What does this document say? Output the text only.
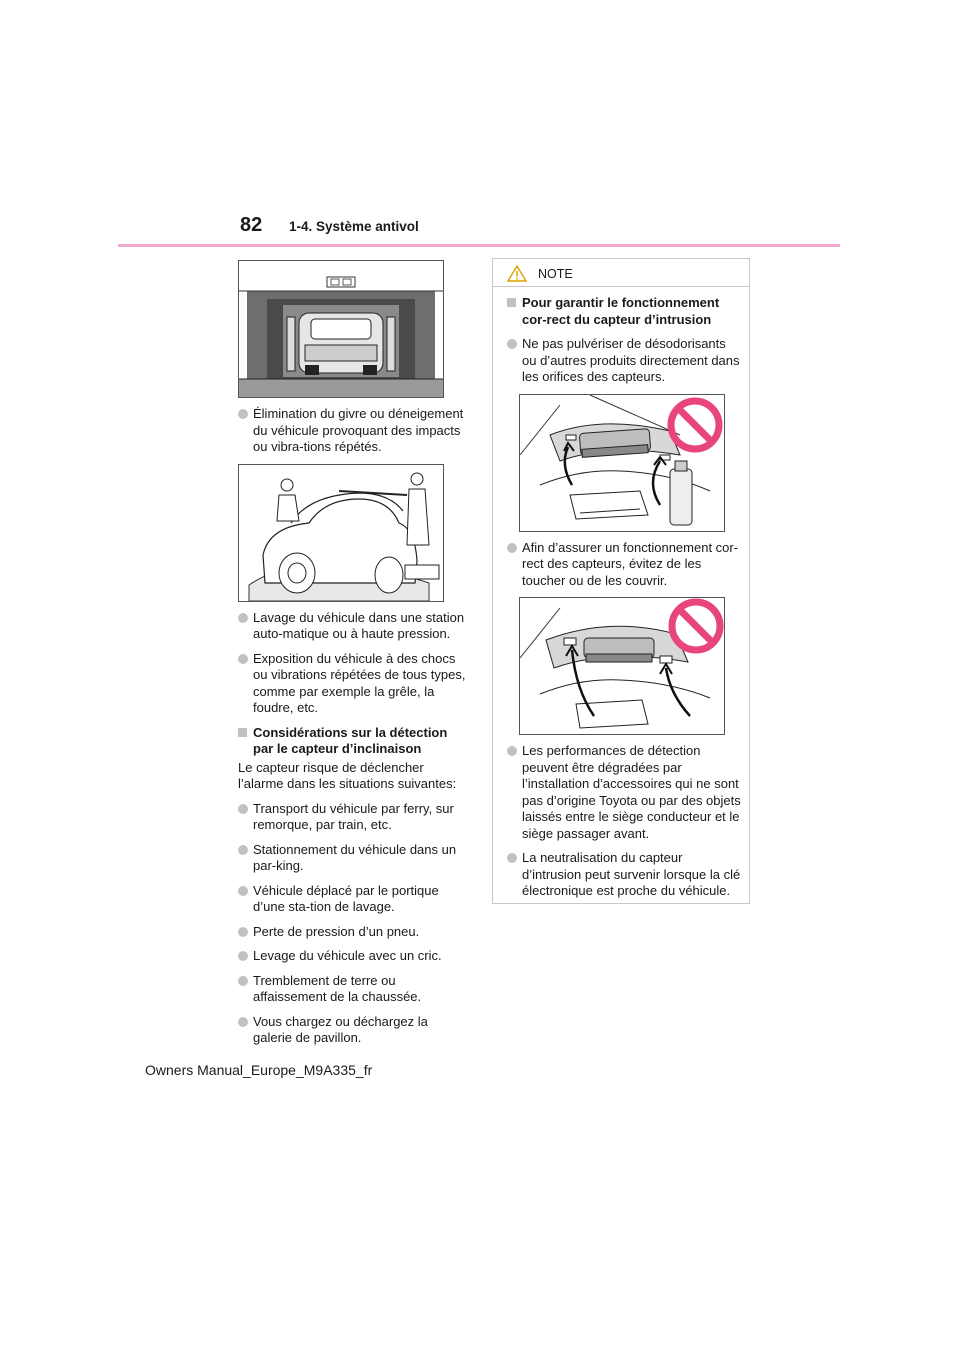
82 1-4. Système antivol
Élimination du givre ou déneigement du véhicule provoquant des impacts ou vibra-tions répétés.
Lavage du véhicule dans une station auto-matique ou à haute pression.
Exposition du véhicule à des chocs ou vibrations répétées de tous types, comme par exemple la grêle, la foudre, etc.
Considérations sur la détection par le capteur d’inclinaison
Le capteur risque de déclencher l’alarme dans les situations suivantes:
Transport du véhicule par ferry, sur remorque, par train, etc.
Stationnement du véhicule dans un par-king.
Véhicule déplacé par le portique d’une sta-tion de lavage.
Perte de pression d’un pneu.
Levage du véhicule avec un cric.
Tremblement de terre ou affaissement de la chaussée.
Vous chargez ou déchargez la galerie de pavillon.
NOTE
Pour garantir le fonctionnement cor-rect du capteur d’intrusion
Ne pas pulvériser de désodorisants ou d’autres produits directement dans les orifices des capteurs.
Afin d’assurer un fonctionnement cor-rect des capteurs, évitez de les toucher ou de les couvrir.
Les performances de détection peuvent être dégradées par l’installation d’accessoires qui ne sont pas d’origine Toyota ou par des objets laissés entre le siège conducteur et le siège passager avant.
La neutralisation du capteur d’intrusion peut survenir lorsque la clé électronique est proche du véhicule.
Owners Manual_Europe_M9A335_fr
